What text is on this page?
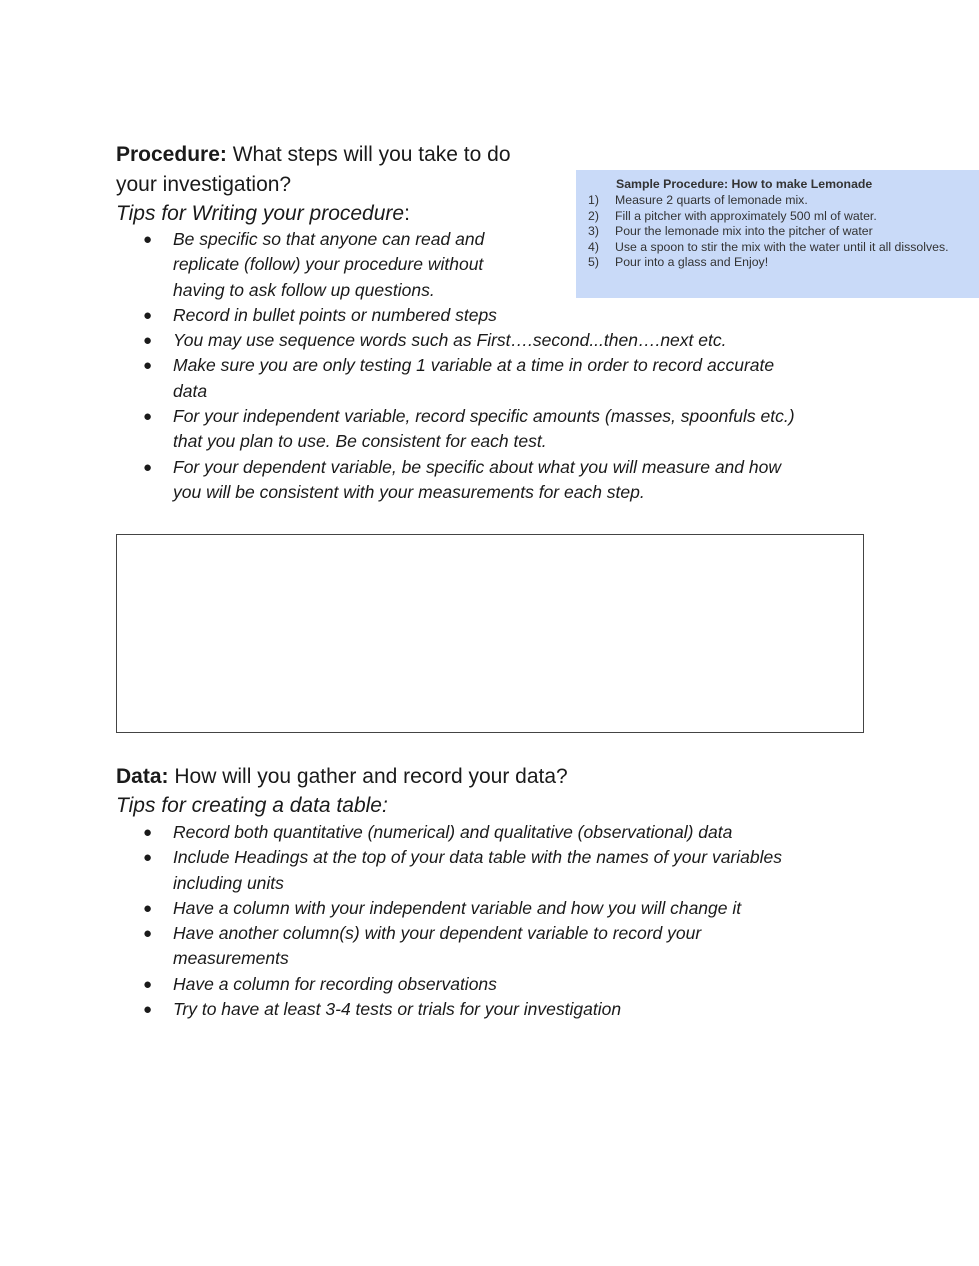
Procedure: What steps will you take to do

your investigation?

Tips for Writing your procedure:

● Be specific so that anyone can read and
replicate (follow) your procedure without
having to ask follow up questions.
● Record in bullet points or numbered steps
● You may use sequence words such as First….second...then….next etc.
● Make sure you are only testing 1 variable at a time in order to record accurate
data
● For your independent variable, record specific amounts (masses, spoonfuls etc.)
that you plan to use. Be consistent for each test.
● For your dependent variable, be specific about what you will measure and how
you will be consistent with your measurements for each step.

Sample Procedure: How to make Lemonade

1) Measure 2 quarts of lemonade mix.
2) Fill a pitcher with approximately 500 ml of water.
3) Pour the lemonade mix into the pitcher of water
4) Use a spoon to stir the mix with the water until it all dissolves.
5) Pour into a glass and Enjoy!

Data: How will you gather and record your data?

Tips for creating a data table:

● Record both quantitative (numerical) and qualitative (observational) data
● Include Headings at the top of your data table with the names of your variables
including units
● Have a column with your independent variable and how you will change it
● Have another column(s) with your dependent variable to record your
measurements
● Have a column for recording observations
● Try to have at least 3-4 tests or trials for your investigation
